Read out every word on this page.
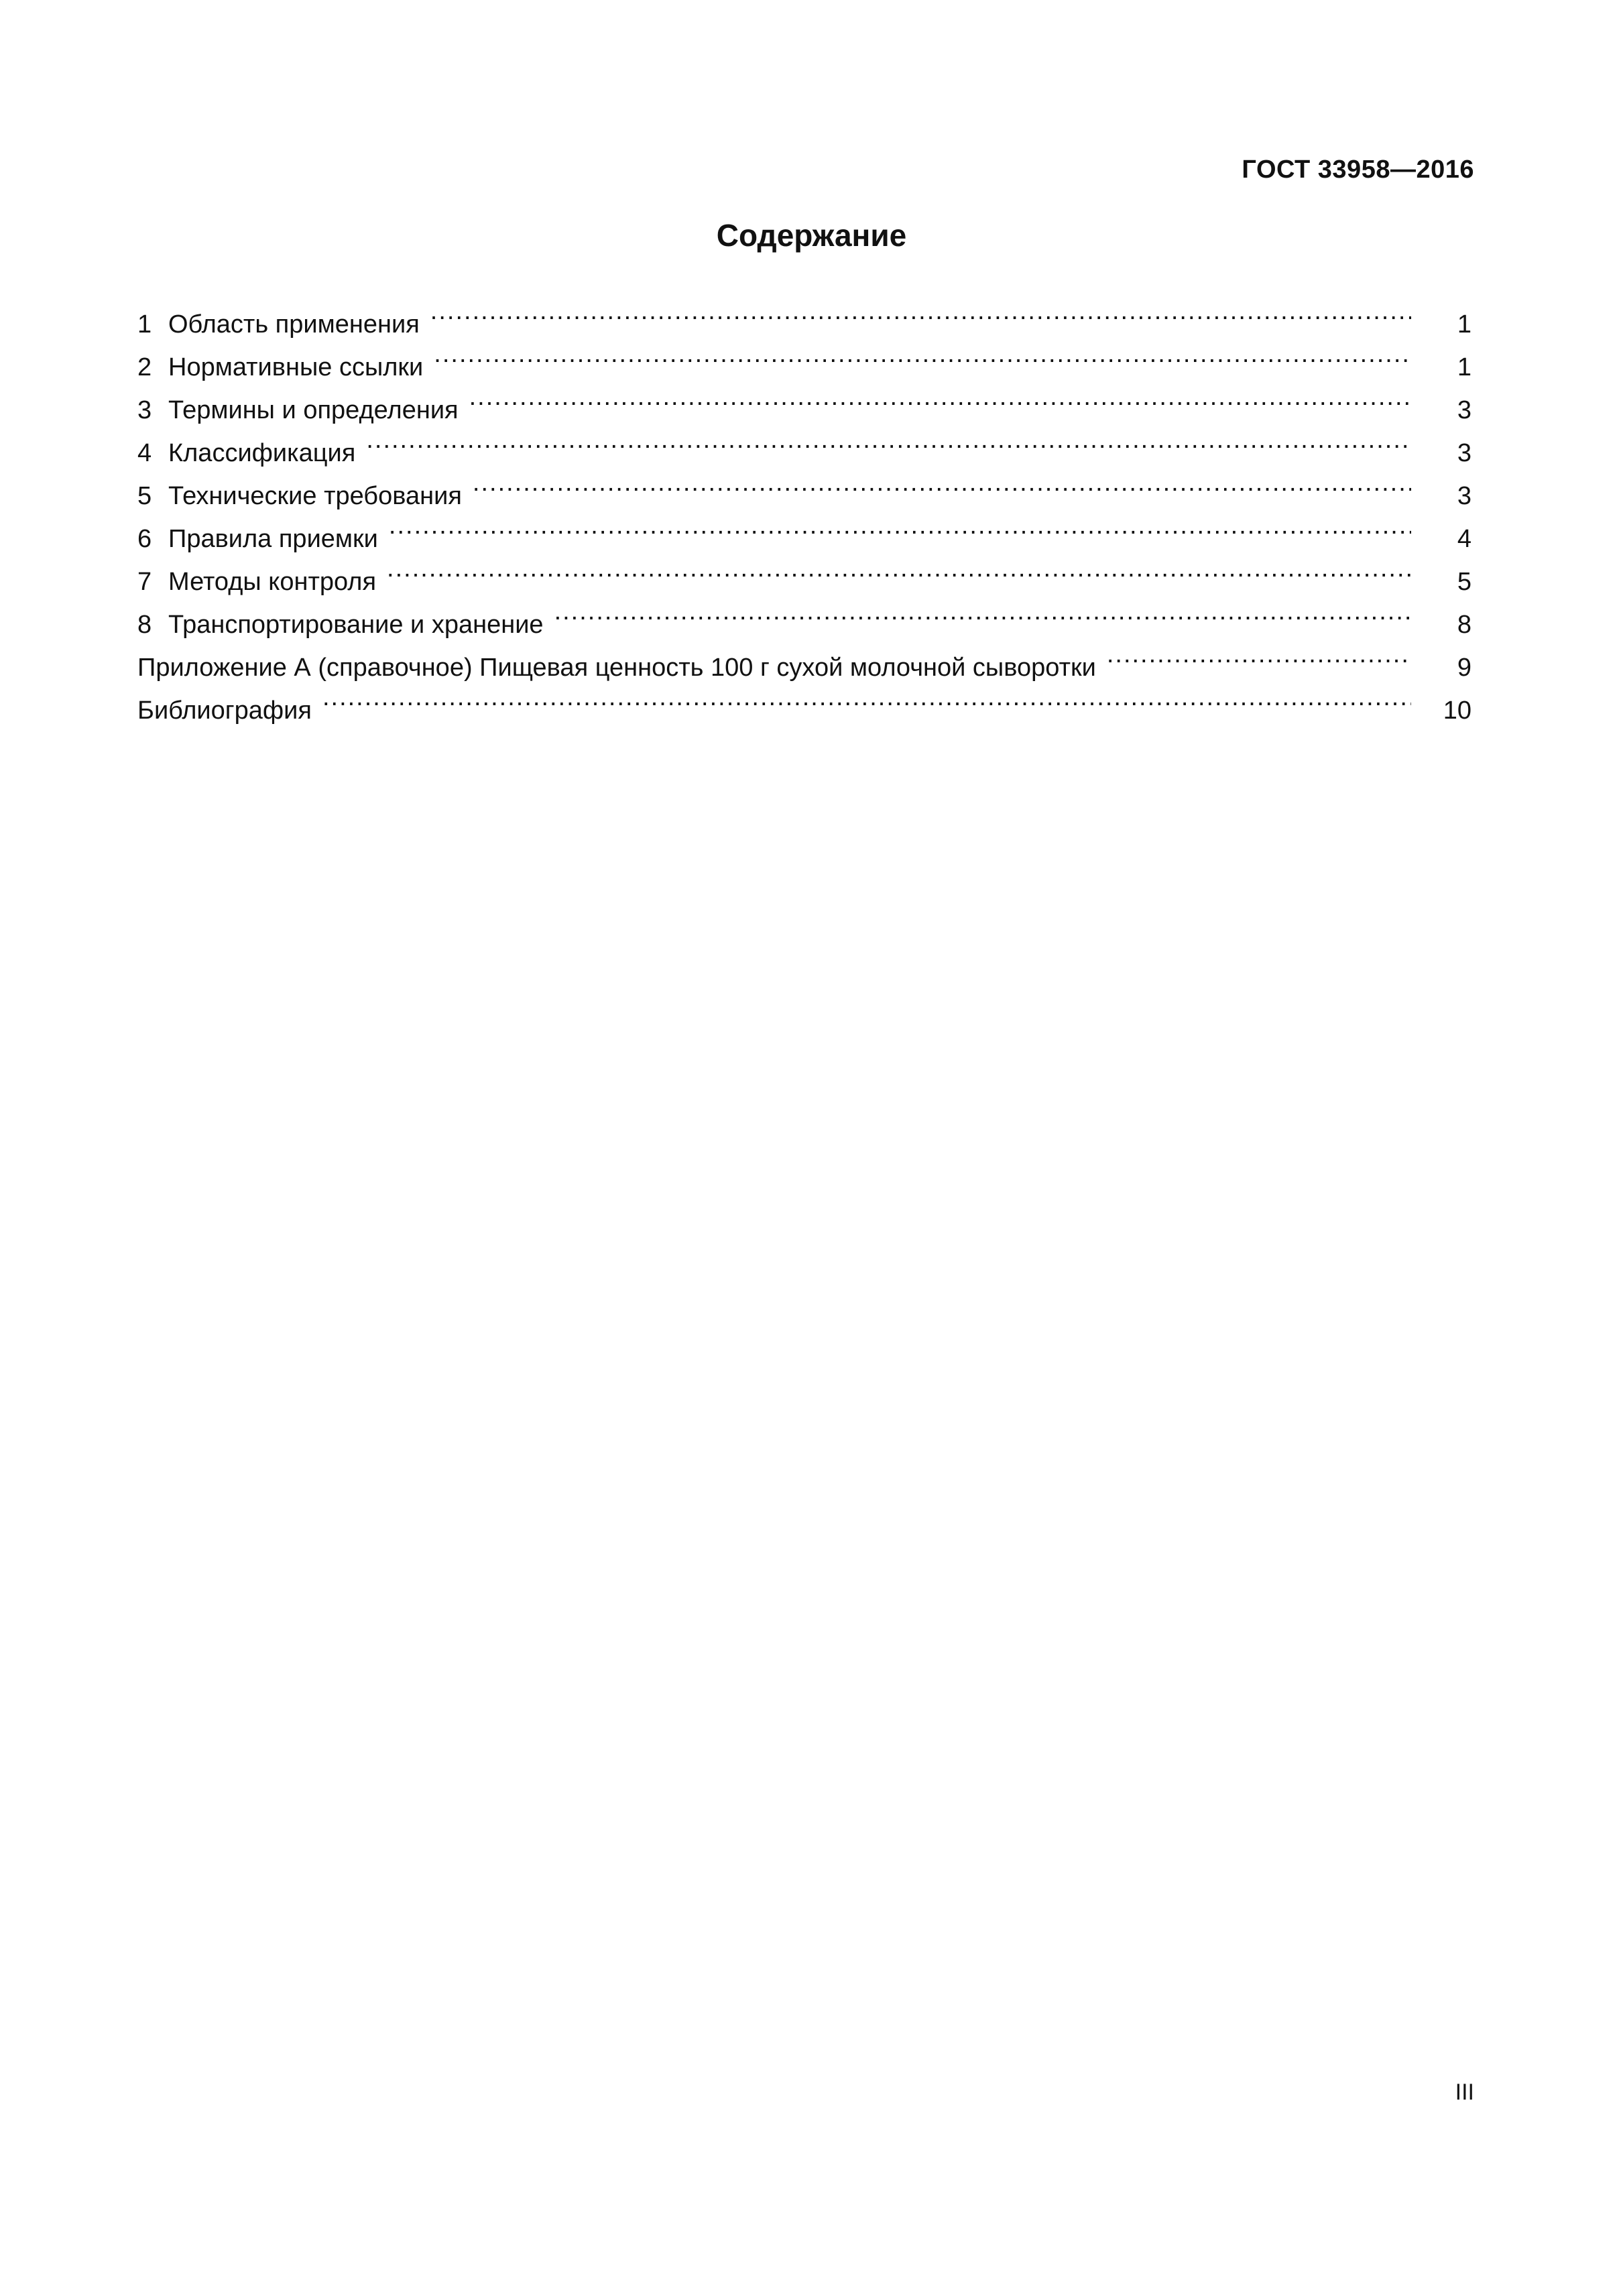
ГОСТ 33958—2016
Содержание
1 Область применения .....	1
2 Нормативные ссылки .....	1
3 Термины и определения .....	3
4 Классификация .....	3
5 Технические требования .....	3
6 Правила приемки .....	4
7 Методы контроля .....	5
8 Транспортирование и хранение .....	8
Приложение А (справочное) Пищевая ценность 100 г сухой молочной сыворотки .....	9
Библиография .....	10
III
